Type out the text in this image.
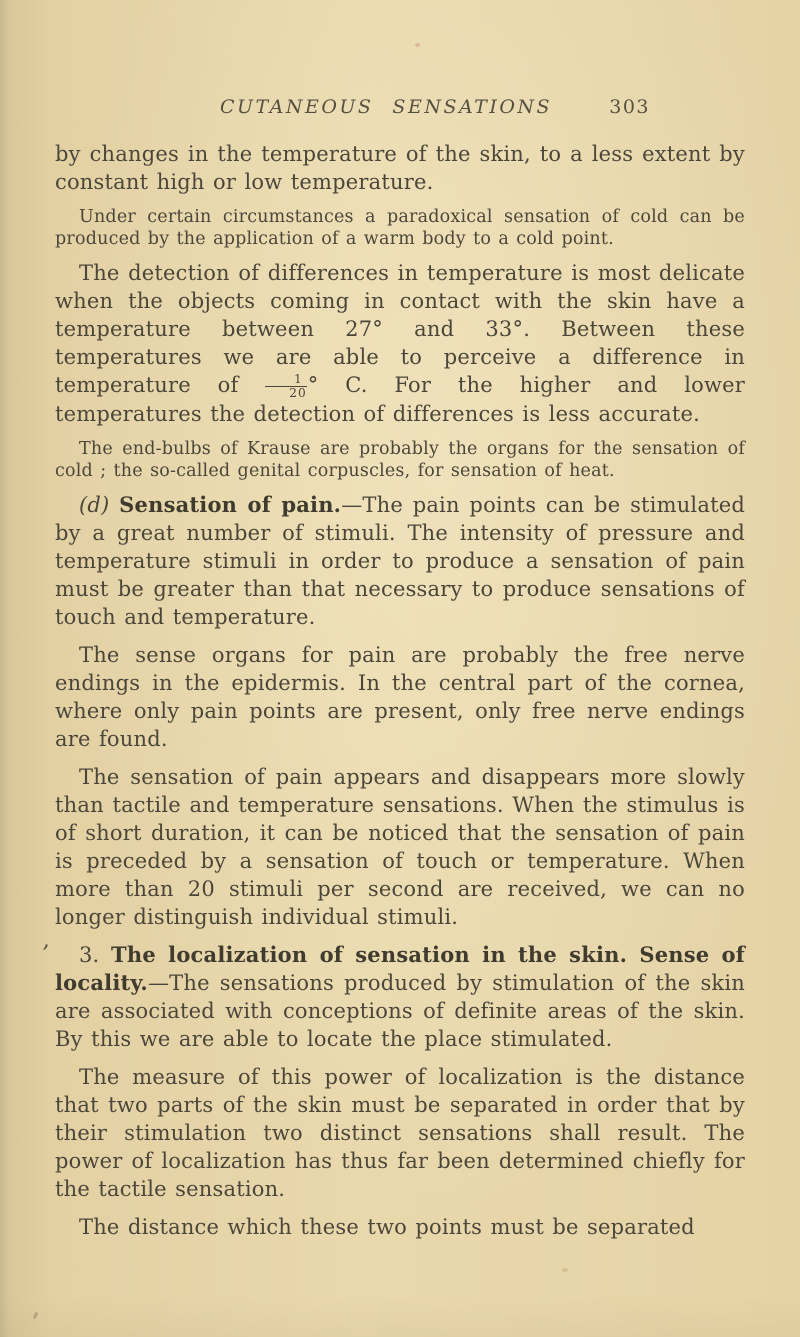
CUTANEOUS SENSATIONS	303

by changes in the temperature of the skin, to a less extent by constant high or low temperature.

Under certain circumstances a paradoxical sensation of cold can be produced by the application of a warm body to a cold point.

The detection of differences in temperature is most delicate when the objects coming in contact with the skin have a temperature between 27° and 33°. Between these temperatures we are able to perceive a difference in temperature of $\frac{1}{20}$ ° C. For the higher and lower temperatures the detection of differences is less accurate.

The end-bulbs of Krause are probably the organs for the sensation of cold ; the so-called genital corpuscles, for sensation of heat.

(d) Sensation of pain.—The pain points can be stimulated by a great number of stimuli. The intensity of pressure and temperature stimuli in order to produce a sensation of pain must be greater than that necessary to produce sensations of touch and temperature.

The sense organs for pain are probably the free nerve endings in the epidermis. In the central part of the cornea, where only pain points are present, only free nerve endings are found.

The sensation of pain appears and disappears more slowly than tactile and temperature sensations. When the stimulus is of short duration, it can be noticed that the sensation of pain is preceded by a sensation of touch or temperature. When more than 20 stimuli per second are received, we can no longer distinguish individual stimuli.

3. The localization of sensation in the skin. Sense of locality.—The sensations produced by stimulation of the skin are associated with conceptions of definite areas of the skin. By this we are able to locate the place stimulated.

The measure of this power of localization is the distance that two parts of the skin must be separated in order that by their stimulation two distinct sensations shall result. The power of localization has thus far been determined chiefly for the tactile sensation.

The distance which these two points must be separated

’
